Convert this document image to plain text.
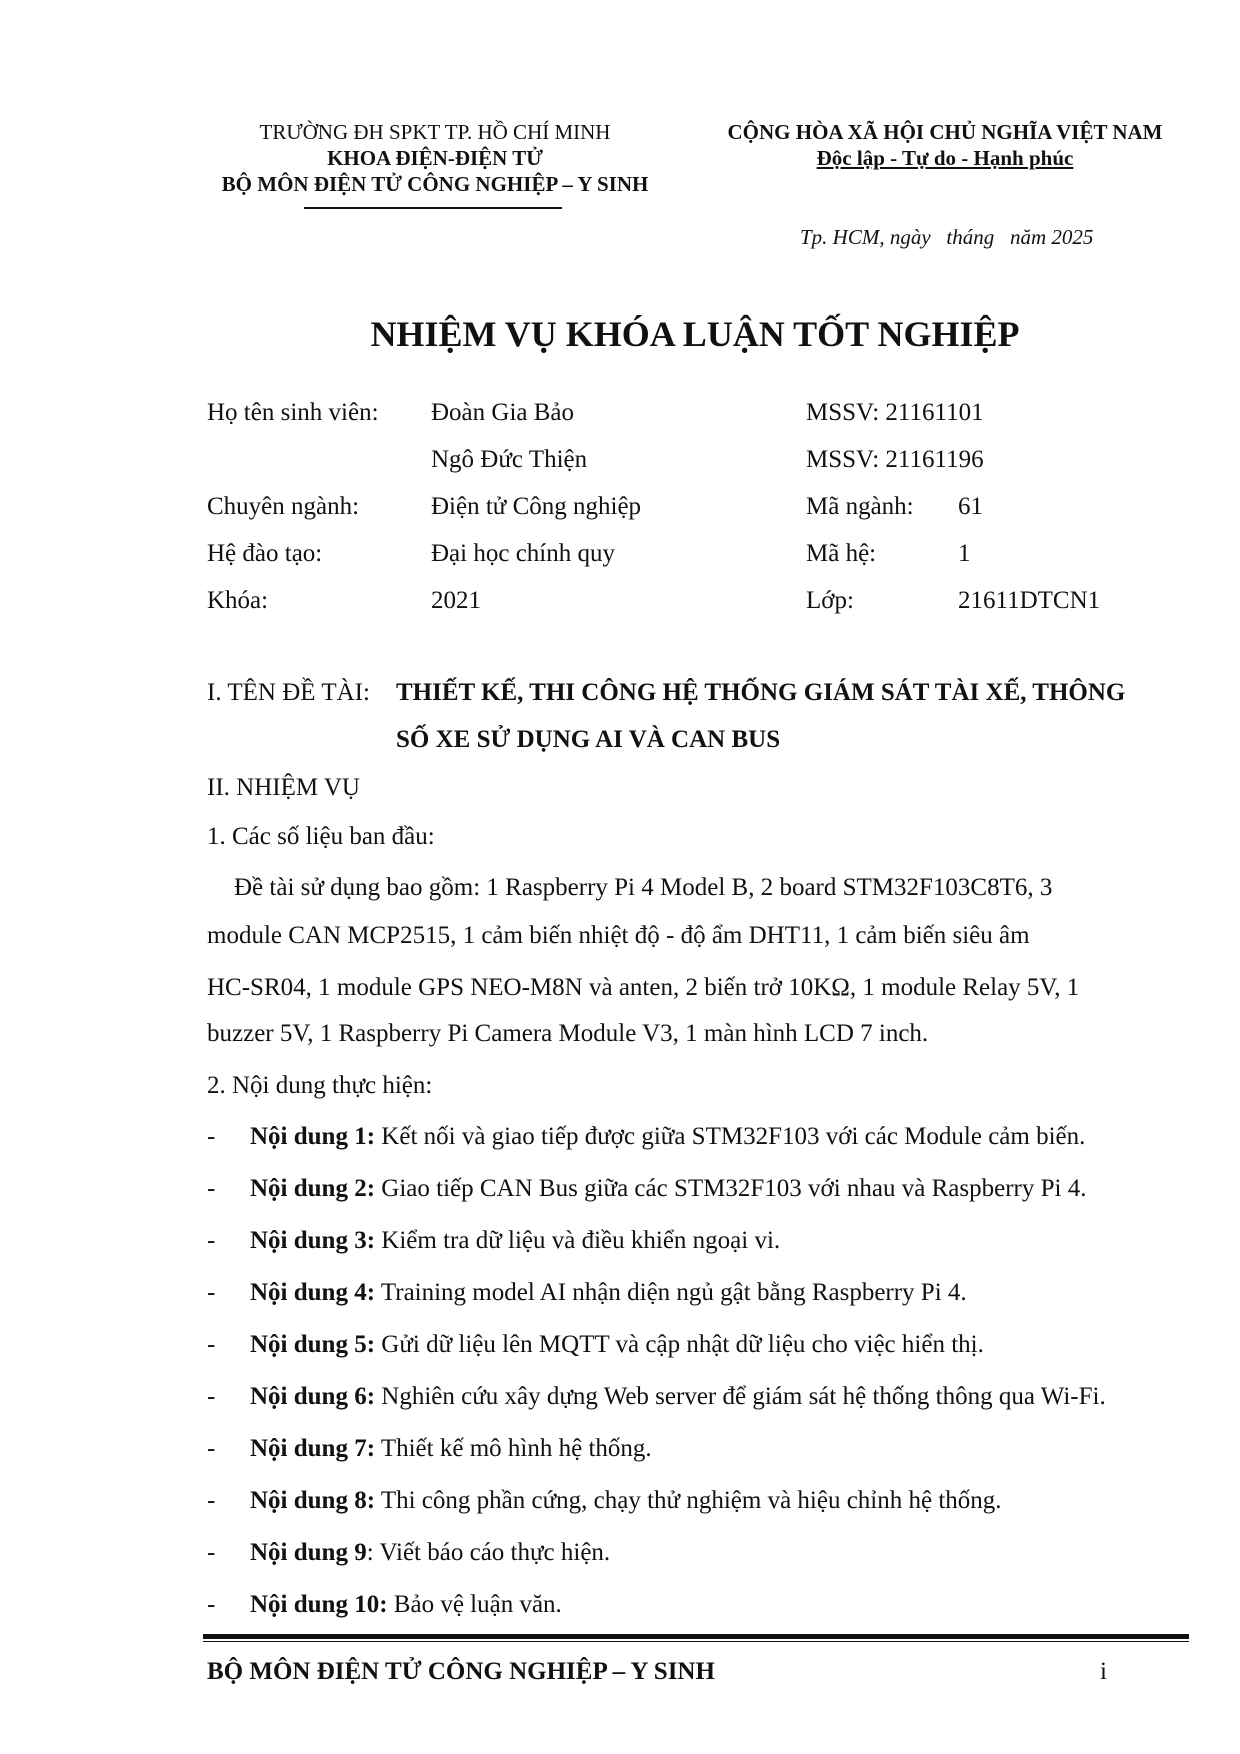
TRƯỜNG ĐH SPKT TP. HỒ CHÍ MINH
KHOA ĐIỆN-ĐIỆN TỬ
BỘ MÔN ĐIỆN TỬ CÔNG NGHIỆP – Y SINH
CỘNG HÒA XÃ HỘI CHỦ NGHĨA VIỆT NAM
Độc lập - Tự do - Hạnh phúc
Tp. HCM, ngày   tháng   năm 2025
NHIỆM VỤ KHÓA LUẬN TỐT NGHIỆP
Họ tên sinh viên: Đoàn Gia Bảo	MSSV: 21161101
Ngô Đức Thiện	MSSV: 21161196
Chuyên ngành:	Điện tử Công nghiệp	Mã ngành: 61
Hệ đào tạo:	Đại học chính quy	Mã hệ:	1
Khóa:	2021	Lớp:	21611DTCN1
I. TÊN ĐỀ TÀI: THIẾT KẾ, THI CÔNG HỆ THỐNG GIÁM SÁT TÀI XẾ, THÔNG
SỐ XE SỬ DỤNG AI VÀ CAN BUS
II. NHIỆM VỤ
1. Các số liệu ban đầu:
Đề tài sử dụng bao gồm: 1 Raspberry Pi 4 Model B, 2 board STM32F103C8T6, 3
module CAN MCP2515, 1 cảm biến nhiệt độ - độ ẩm DHT11, 1 cảm biến siêu âm
HC-SR04, 1 module GPS NEO-M8N và anten, 2 biến trở 10KΩ, 1 module Relay 5V, 1
buzzer 5V, 1 Raspberry Pi Camera Module V3, 1 màn hình LCD 7 inch.
2. Nội dung thực hiện:
- Nội dung 1: Kết nối và giao tiếp được giữa STM32F103 với các Module cảm biến.
- Nội dung 2: Giao tiếp CAN Bus giữa các STM32F103 với nhau và Raspberry Pi 4.
- Nội dung 3: Kiểm tra dữ liệu và điều khiển ngoại vi.
- Nội dung 4: Training model AI nhận diện ngủ gật bằng Raspberry Pi 4.
- Nội dung 5: Gửi dữ liệu lên MQTT và cập nhật dữ liệu cho việc hiển thị.
- Nội dung 6: Nghiên cứu xây dựng Web server để giám sát hệ thống thông qua Wi-Fi.
- Nội dung 7: Thiết kế mô hình hệ thống.
- Nội dung 8: Thi công phần cứng, chạy thử nghiệm và hiệu chỉnh hệ thống.
- Nội dung 9: Viết báo cáo thực hiện.
- Nội dung 10: Bảo vệ luận văn.
BỘ MÔN ĐIỆN TỬ CÔNG NGHIỆP – Y SINH	i
